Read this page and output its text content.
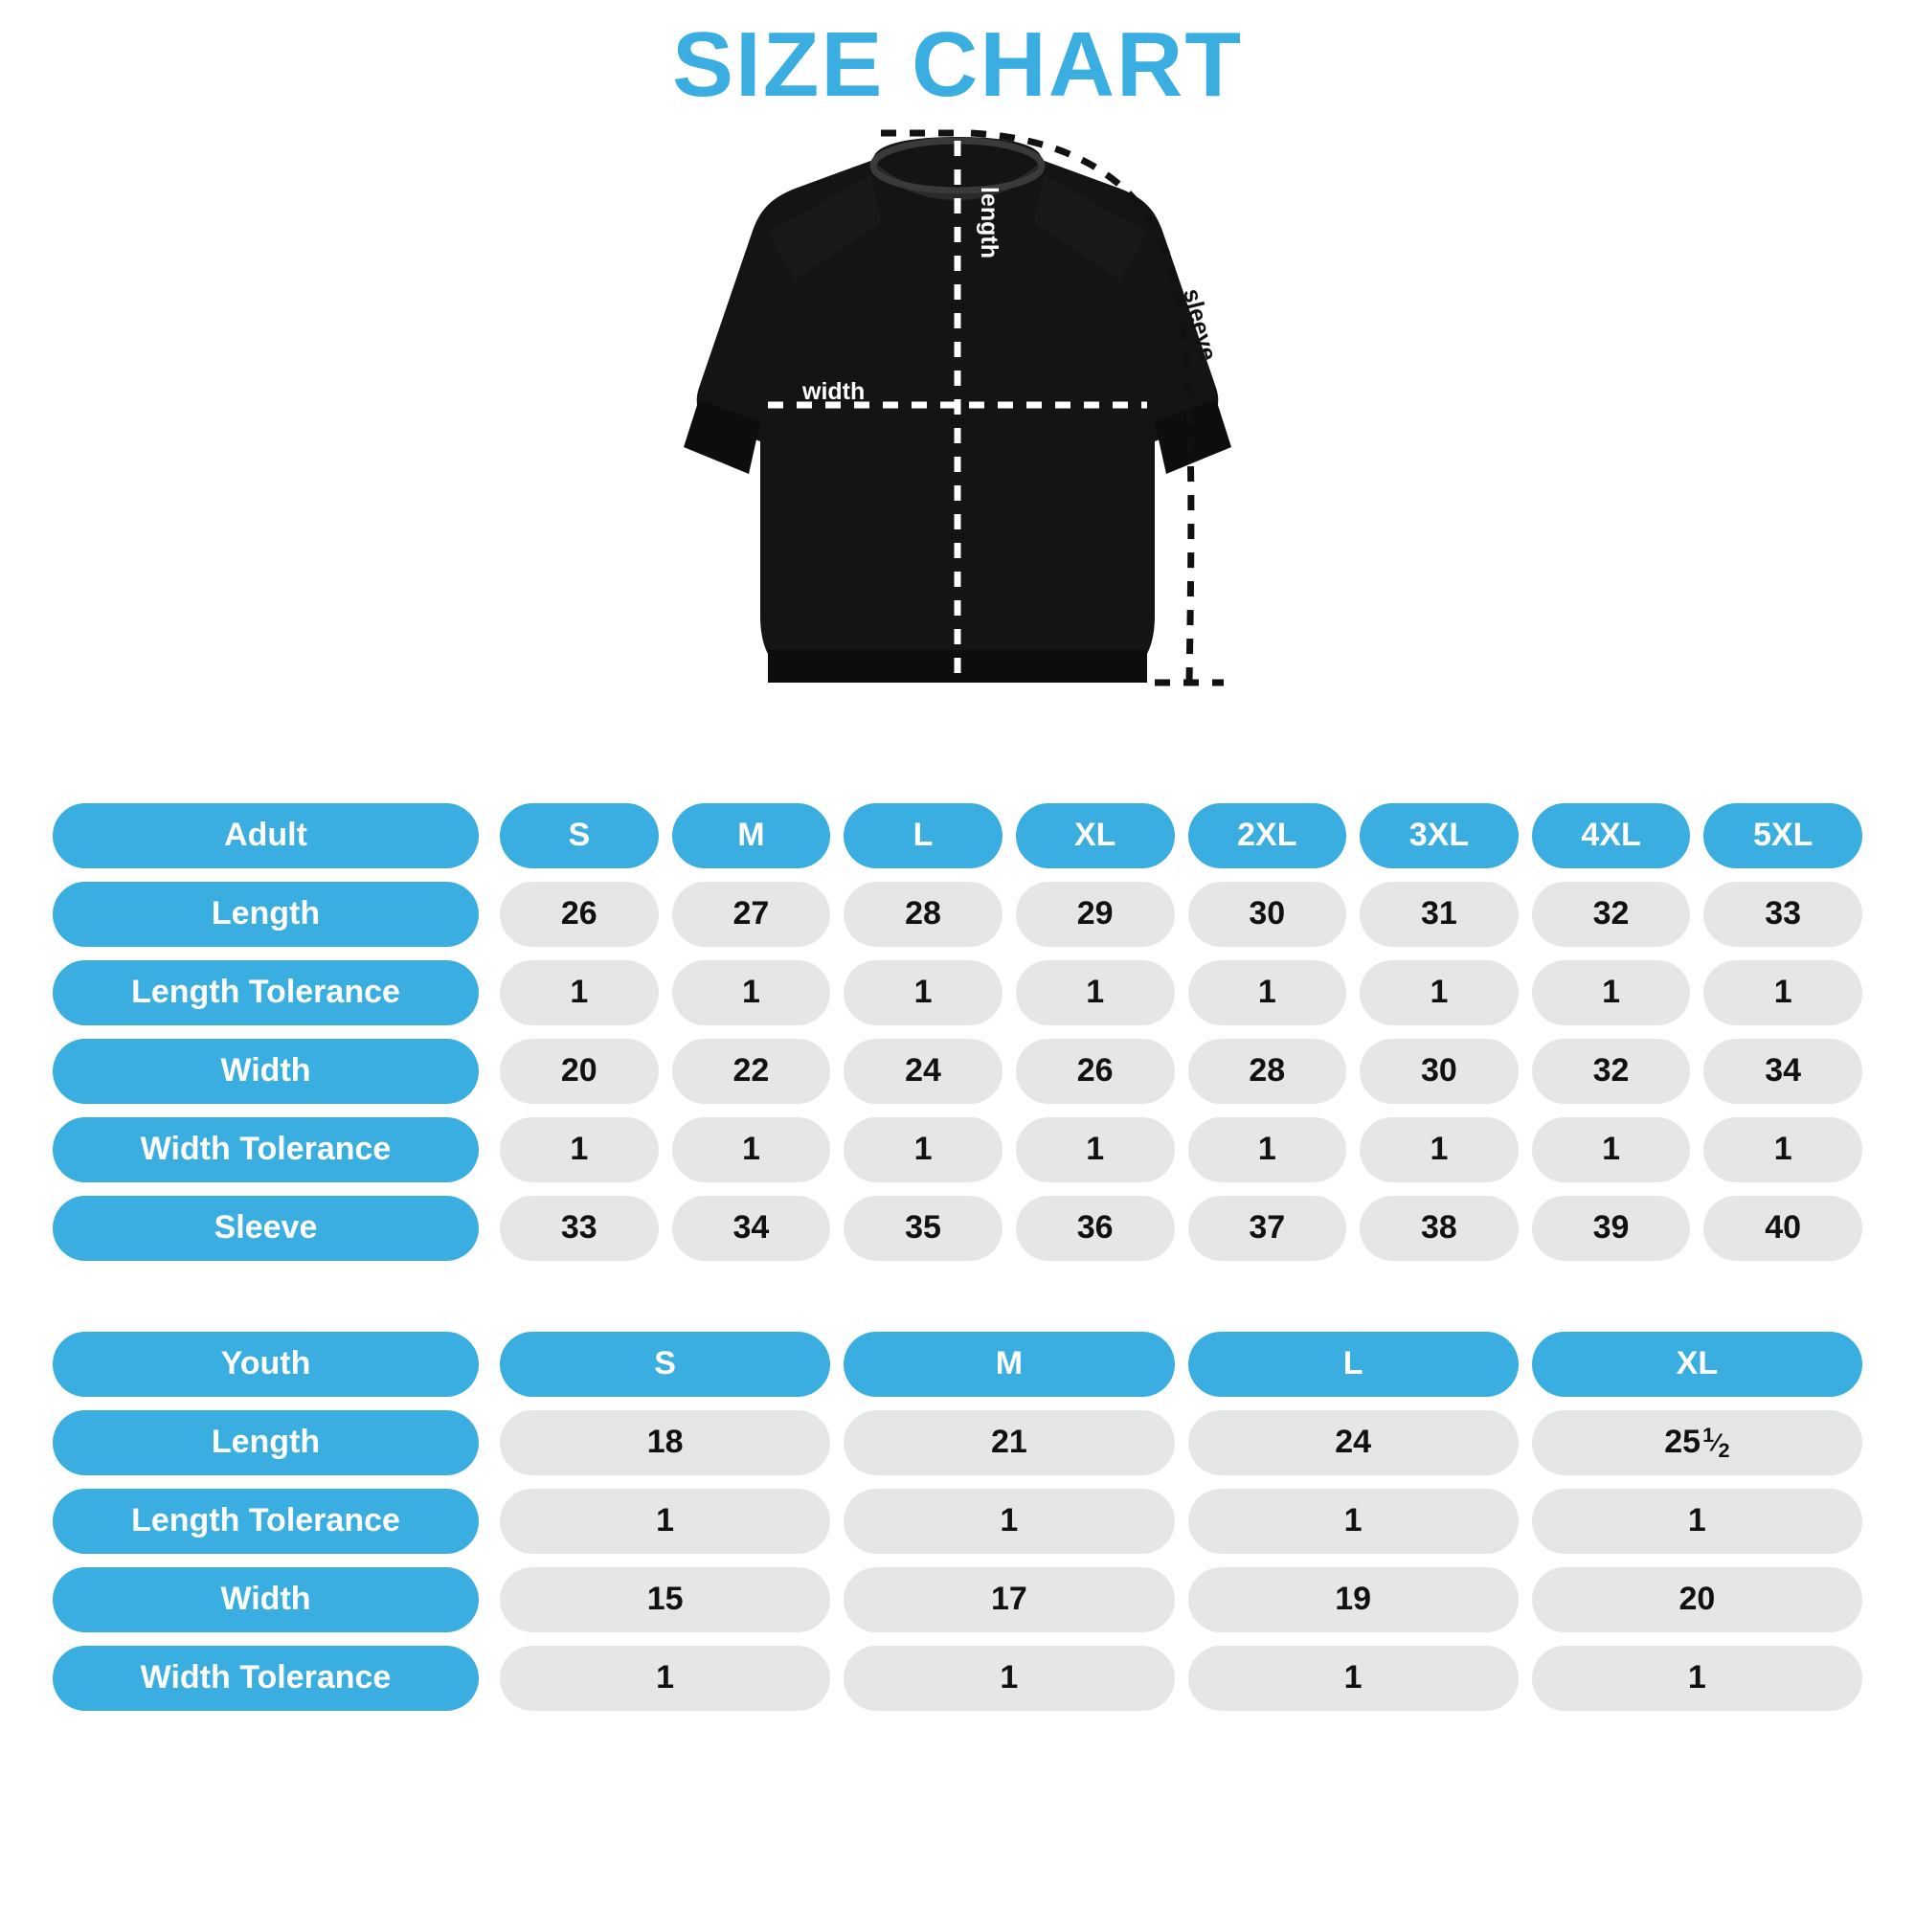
SIZE CHART
length
width
sleeve
Adult	S	M	L	XL	2XL	3XL	4XL	5XL
Length	26	27	28	29	30	31	32	33
Length Tolerance	1	1	1	1	1	1	1	1
Width	20	22	24	26	28	30	32	34
Width Tolerance	1	1	1	1	1	1	1	1
Sleeve	33	34	35	36	37	38	39	40
Youth	S	M	L	XL
Length	18	21	24	25 $^1⁄_2$
Length Tolerance	1	1	1	1
Width	15	17	19	20
Width Tolerance	1	1	1	1
